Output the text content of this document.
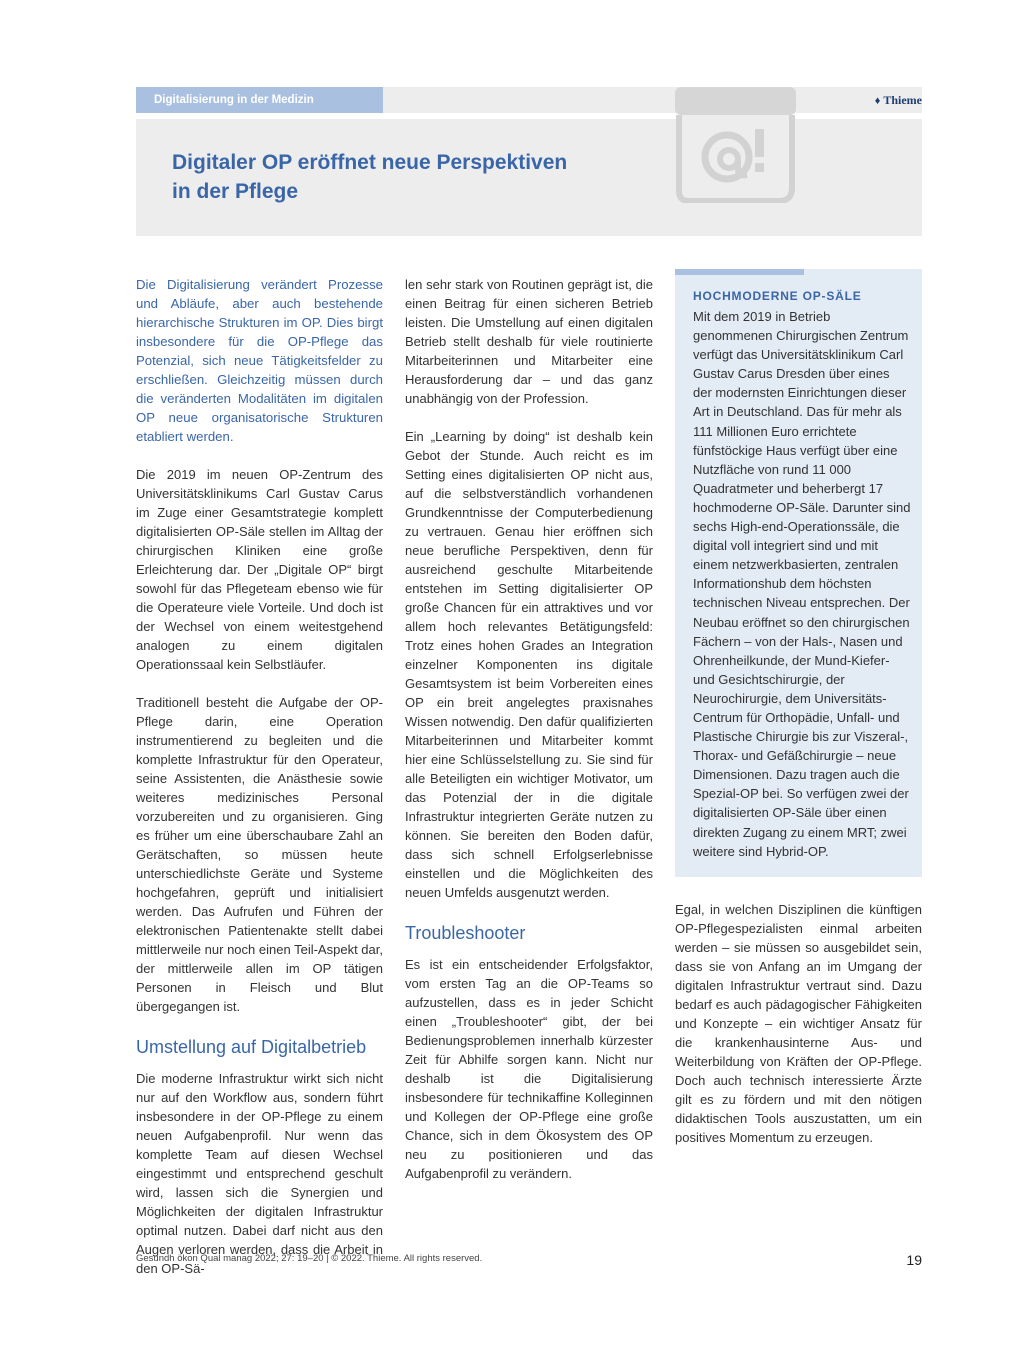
Digitalisierung in der Medizin	♦ Thieme
Digitaler OP eröffnet neue Perspektiven
in der Pflege

Die Digitalisierung verändert Prozesse und Abläufe, aber auch bestehende hierarchische Strukturen im OP. Dies birgt insbesondere für die OP-Pflege das Potenzial, sich neue Tätigkeitsfelder zu erschließen. Gleichzeitig müssen durch die veränderten Modalitäten im digitalen OP neue organisatorische Strukturen etabliert werden.

Die 2019 im neuen OP-Zentrum des Universitätsklinikums Carl Gustav Carus im Zuge einer Gesamtstrategie komplett digitalisierten OP-Säle stellen im Alltag der chirurgischen Kliniken eine große Erleichterung dar. Der „Digitale OP“ birgt sowohl für das Pflegeteam ebenso wie für die Operateure viele Vorteile. Und doch ist der Wechsel von einem weitestgehend analogen zu einem digitalen Operationssaal kein Selbstläufer.

Traditionell besteht die Aufgabe der OP-Pflege darin, eine Operation instrumentierend zu begleiten und die komplette Infrastruktur für den Operateur, seine Assistenten, die Anästhesie sowie weiteres medizinisches Personal vorzubereiten und zu organisieren. Ging es früher um eine überschaubare Zahl an Gerätschaften, so müssen heute unterschiedlichste Geräte und Systeme hochgefahren, geprüft und initialisiert werden. Das Aufrufen und Führen der elektronischen Patientenakte stellt dabei mittlerweile nur noch einen Teil-Aspekt dar, der mittlerweile allen im OP tätigen Personen in Fleisch und Blut übergegangen ist.

Umstellung auf Digitalbetrieb

Die moderne Infrastruktur wirkt sich nicht nur auf den Workflow aus, sondern führt insbesondere in der OP-Pflege zu einem neuen Aufgabenprofil. Nur wenn das komplette Team auf diesen Wechsel eingestimmt und entsprechend geschult wird, lassen sich die Synergien und Möglichkeiten der digitalen Infrastruktur optimal nutzen. Dabei darf nicht aus den Augen verloren werden, dass die Arbeit in den OP-Sä-

len sehr stark von Routinen geprägt ist, die einen Beitrag für einen sicheren Betrieb leisten. Die Umstellung auf einen digitalen Betrieb stellt deshalb für viele routinierte Mitarbeiterinnen und Mitarbeiter eine Herausforderung dar – und das ganz unabhängig von der Profession.

Ein „Learning by doing“ ist deshalb kein Gebot der Stunde. Auch reicht es im Setting eines digitalisierten OP nicht aus, auf die selbstverständlich vorhandenen Grundkenntnisse der Computerbedienung zu vertrauen. Genau hier eröffnen sich neue berufliche Perspektiven, denn für ausreichend geschulte Mitarbeitende entstehen im Setting digitalisierter OP große Chancen für ein attraktives und vor allem hoch relevantes Betätigungsfeld: Trotz eines hohen Grades an Integration einzelner Komponenten ins digitale Gesamtsystem ist beim Vorbereiten eines OP ein breit angelegtes praxisnahes Wissen notwendig. Den dafür qualifizierten Mitarbeiterinnen und Mitarbeiter kommt hier eine Schlüsselstellung zu. Sie sind für alle Beteiligten ein wichtiger Motivator, um das Potenzial der in die digitale Infrastruktur integrierten Geräte nutzen zu können. Sie bereiten den Boden dafür, dass sich schnell Erfolgserlebnisse einstellen und die Möglichkeiten des neuen Umfelds ausgenutzt werden.

Troubleshooter

Es ist ein entscheidender Erfolgsfaktor, vom ersten Tag an die OP-Teams so aufzustellen, dass es in jeder Schicht einen „Troubleshooter“ gibt, der bei Bedienungsproblemen innerhalb kürzester Zeit für Abhilfe sorgen kann. Nicht nur deshalb ist die Digitalisierung insbesondere für technikaffine Kolleginnen und Kollegen der OP-Pflege eine große Chance, sich in dem Ökosystem des OP neu zu positionieren und das Aufgabenprofil zu verändern.

HOCHMODERNE OP-SÄLE

Mit dem 2019 in Betrieb genommenen Chirurgischen Zentrum verfügt das Universitätsklinikum Carl Gustav Carus Dresden über eines der modernsten Einrichtungen dieser Art in Deutschland. Das für mehr als 111 Millionen Euro errichtete fünfstöckige Haus verfügt über eine Nutzfläche von rund 11 000 Quadratmeter und beherbergt 17 hochmoderne OP-Säle. Darunter sind sechs High-end-Operationssäle, die digital voll integriert sind und mit einem netzwerkbasierten, zentralen Informationshub dem höchsten technischen Niveau entsprechen. Der Neubau eröffnet so den chirurgischen Fächern – von der Hals-, Nasen und Ohrenheilkunde, der Mund-Kiefer- und Gesichtschirurgie, der Neurochirurgie, dem Universitäts-Centrum für Orthopädie, Unfall- und Plastische Chirurgie bis zur Viszeral-, Thorax- und Gefäßchirurgie – neue Dimensionen. Dazu tragen auch die Spezial-OP bei. So verfügen zwei der digitalisierten OP-Säle über einen direkten Zugang zu einem MRT; zwei weitere sind Hybrid-OP.

Egal, in welchen Disziplinen die künftigen OP-Pflegespezialisten einmal arbeiten werden – sie müssen so ausgebildet sein, dass sie von Anfang an im Umgang der digitalen Infrastruktur vertraut sind. Dazu bedarf es auch pädagogischer Fähigkeiten und Konzepte – ein wichtiger Ansatz für die krankenhausinterne Aus- und Weiterbildung von Kräften der OP-Pflege. Doch auch technisch interessierte Ärzte gilt es zu fördern und mit den nötigen didaktischen Tools auszustatten, um ein positives Momentum zu erzeugen.

Gesundh ökon Qual manag 2022; 27: 19–20 | © 2022. Thieme. All rights reserved.	19
